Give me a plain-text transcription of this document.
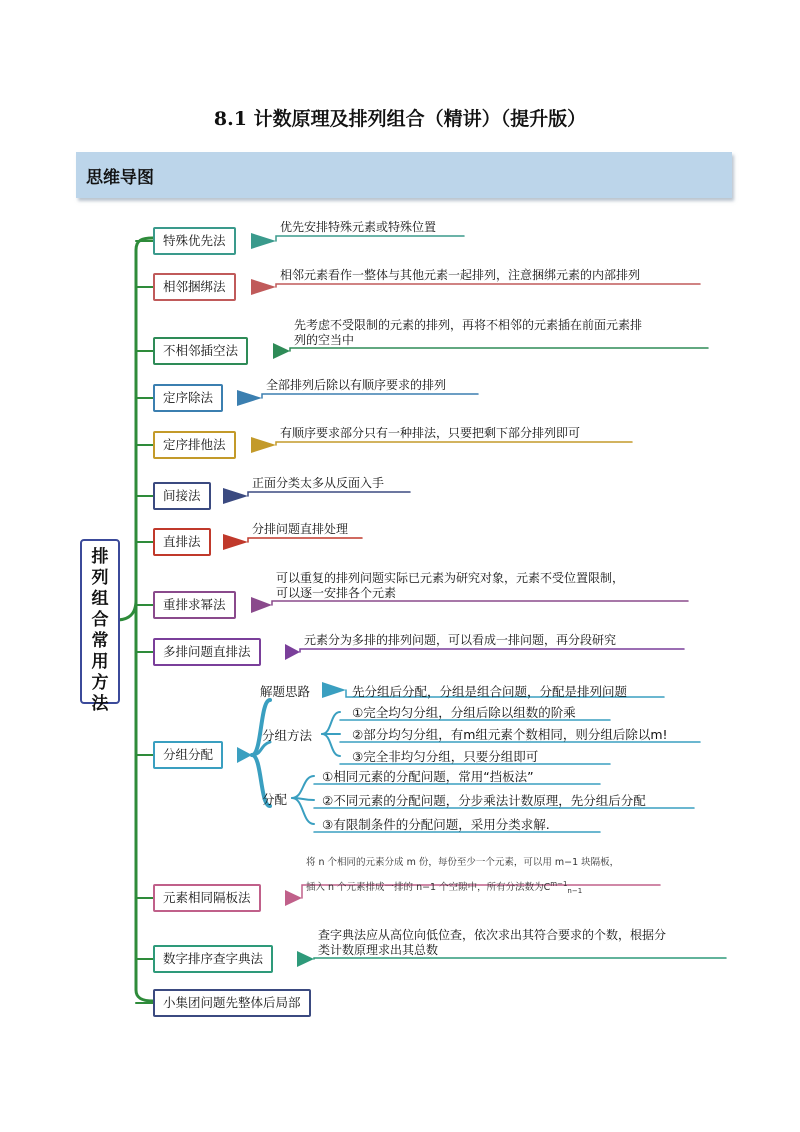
8.1 计数原理及排列组合（精讲）（提升版）
思维导图
排列组合常用方法
特殊优先法
优先安排特殊元素或特殊位置
相邻捆绑法
相邻元素看作一整体与其他元素一起排列，注意捆绑元素的内部排列
不相邻插空法
先考虑不受限制的元素的排列，再将不相邻的元素插在前面元素排
列的空当中
定序除法
全部排列后除以有顺序要求的排列
定序排他法
有顺序要求部分只有一种排法，只要把剩下部分排列即可
间接法
正面分类太多从反面入手
直排法
分排问题直排处理
重排求幂法
可以重复的排列问题实际已元素为研究对象，元素不受位置限制，
可以逐一安排各个元素
多排问题直排法
元素分为多排的排列问题，可以看成一排问题，再分段研究
分组分配
元素相同隔板法
将 n 个相同的元素分成 m 份，每份至少一个元素，可以用 m−1 块隔板，
插入 n 个元素排成一排的 n−1 个空隙中，所有分法数为$C^{m-1}_{n-1}$
数字排序查字典法
查字典法应从高位向低位查，依次求出其符合要求的个数，根据分
类计数原理求出其总数
小集团问题先整体后局部
解题思路	先分组后分配，分组是组合问题，分配是排列问题
分组方法
①完全均匀分组，分组后除以组数的阶乘
②部分均匀分组，有m组元素个数相同，则分组后除以m!
③完全非均匀分组，只要分组即可
分配
①相同元素的分配问题，常用“挡板法”
②不同元素的分配问题，分步乘法计数原理，先分组后分配
③有限制条件的分配问题，采用分类求解.
